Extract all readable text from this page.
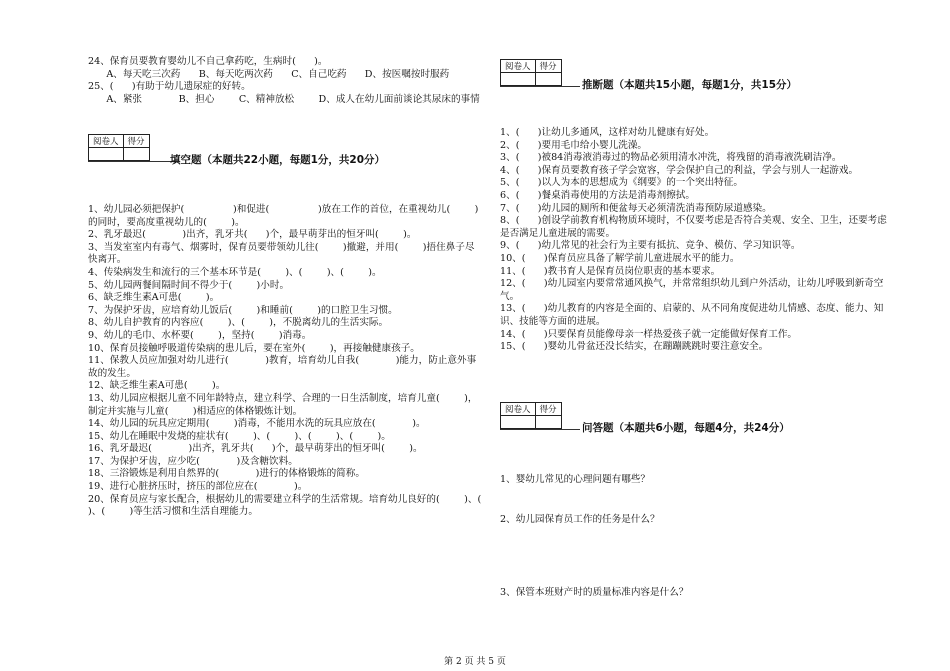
24、保育员要教育婴幼儿不自己拿药吃，生病时(      )。
A、每天吃三次药      B、每天吃两次药      C、自己吃药      D、按医嘱按时服药
25、(      )有助于幼儿遗尿症的好转。
A、紧张            B、担心        C、精神放松        D、成人在幼儿面前谈论其尿床的事情
阅卷人	得分

填空题（本题共22小题，每题1分，共20分）
1、幼儿园必须把保护(                )和促进(                )放在工作的首位，在重视幼儿(        )的同时，要高度重视幼儿的(        )。
2、乳牙最迟(            )出齐，乳牙共(      )个，最早萌芽出的恒牙叫(        )。
3、当发室室内有毒气、烟雾时，保育员要带领幼儿往(        )撤避，并用(        )捂住鼻子尽快离开。
4、传染病发生和流行的三个基本环节是(        )、(        )、(        )。
5、幼儿园两餐间隔时间不得少于(        )小时。
6、缺乏维生素A可患(        )。
7、为保护牙齿，应培育幼儿饭后(        )和睡前(        )的口腔卫生习惯。
8、幼儿自护教育的内容应(        )、(        )，不脱离幼儿的生活实际。
9、幼儿的毛巾、水杯要(        )，坚持(        )消毒。
10、保育员接触呼吸道传染病的患儿后，要在室外(        )，再接触健康孩子。
11、保教人员应加强对幼儿进行(            )教育，培育幼儿自我(            )能力，防止意外事故的发生。
12、缺乏维生素A可患(        )。
13、幼儿园应根据儿童不同年龄特点，建立科学、合理的一日生活制度，培育儿童(        )，制定并实施与儿童(        )相适应的体格锻炼计划。
14、幼儿园的玩具应定期用(        )消毒，不能用水洗的玩具应放在(            )。
15、幼儿在睡眠中发烧的症状有(        )、(        )、(        )、(        )。
16、乳牙最迟(            )出齐，乳牙共(      )个，最早萌芽出的恒牙叫(        )。
17、为保护牙齿，应少吃(            )及含糖饮料。
18、三浴锻炼是利用自然界的(            )进行的体格锻炼的简称。
19、进行心脏挤压时，挤压的部位应在(            )。
20、保育员应与家长配合，根据幼儿的需要建立科学的生活常规。培育幼儿良好的(        )、(        )、(        )等生活习惯和生活自理能力。
阅卷人	得分

推断题（本题共15小题，每题1分，共15分）
1、(      )让幼儿多通风，这样对幼儿健康有好处。
2、(      )要用毛巾给小婴儿洗澡。
3、(      )被84消毒液消毒过的物品必须用清水冲洗，将残留的消毒液洗刷洁净。
4、(      )保育员要教育孩子学会宽容，学会保护自己的利益，学会与别人一起游戏。
5、(      )以人为本的思想成为《纲要》的一个突出特征。
6、(      )餐桌消毒使用的方法是消毒剂擦拭。
7、(      )幼儿园的厕所和便盆每天必须清洗消毒预防尿道感染。
8、(      )创设学前教育机构物质环境时，不仅要考虑是否符合美观、安全、卫生，还要考虑是否满足儿童进展的需要。
9、(      )幼儿常见的社会行为主要有抵抗、竞争、模仿、学习知识等。
10、(      )保育员应具备了解学前儿童进展水平的能力。
11、(      )教书育人是保育员岗位职责的基本要求。
12、(      )幼儿园室内要常常通风换气，并常常组织幼儿到户外活动，让幼儿呼吸到新奇空气。
13、(      )幼儿教育的内容是全面的、启蒙的、从不同角度促进幼儿情感、态度、能力、知识、技能等方面的进展。
14、(      )只要保育员能像母亲一样热爱孩子就一定能做好保育工作。
15、(      )婴幼儿骨盆还没长结实，在蹦蹦跳跳时要注意安全。
阅卷人	得分

问答题（本题共6小题，每题4分，共24分）
1、婴幼儿常见的心理问题有哪些？
2、幼儿园保育员工作的任务是什么？
3、保管本班财产时的质量标准内容是什么？
第 2 页 共 5 页
